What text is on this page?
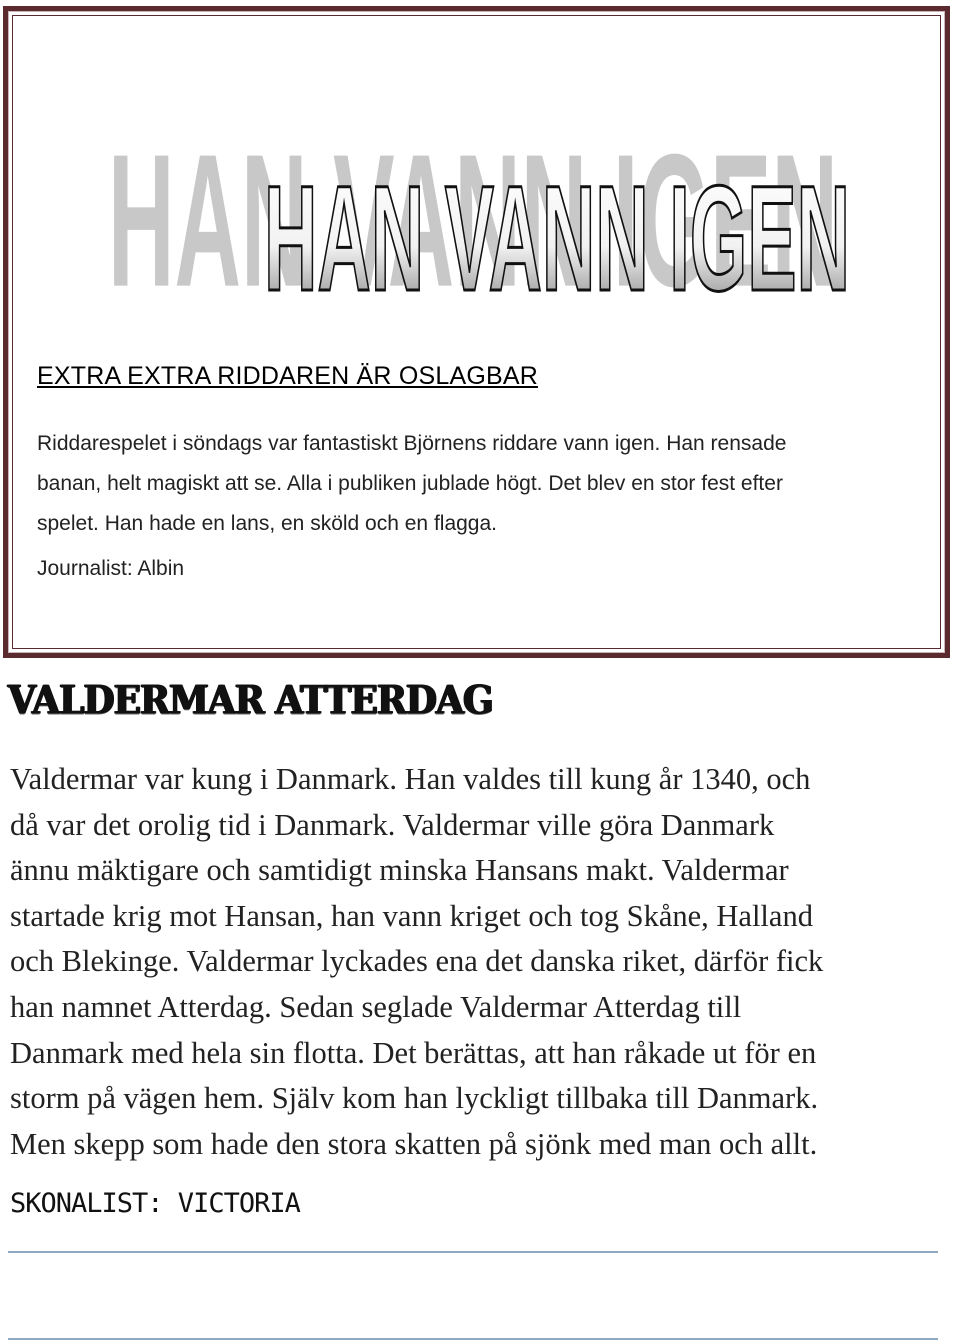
HAN VANN IGEN
HAN VANN IGEN
EXTRA EXTRA RIDDAREN ÄR OSLAGBAR
Riddarespelet i söndags var fantastiskt Björnens riddare vann igen. Han rensade
banan, helt magiskt att se. Alla i publiken jublade högt. Det blev en stor fest efter
spelet. Han hade en lans, en sköld och en flagga.
Journalist: Albin
VALDERMAR ATTERDAG
Valdermar var kung i Danmark. Han valdes till kung år 1340, och
då var det orolig tid i Danmark. Valdermar ville göra Danmark
ännu mäktigare och samtidigt minska Hansans makt. Valdermar
startade krig mot Hansan, han vann kriget och tog Skåne, Halland
och Blekinge. Valdermar lyckades ena det danska riket, därför fick
han namnet Atterdag. Sedan seglade Valdermar Atterdag till
Danmark med hela sin flotta. Det berättas, att han råkade ut för en
storm på vägen hem. Själv kom han lyckligt tillbaka till Danmark.
Men skepp som hade den stora skatten på sjönk med man och allt.
SKONALIST: VICTORIA
